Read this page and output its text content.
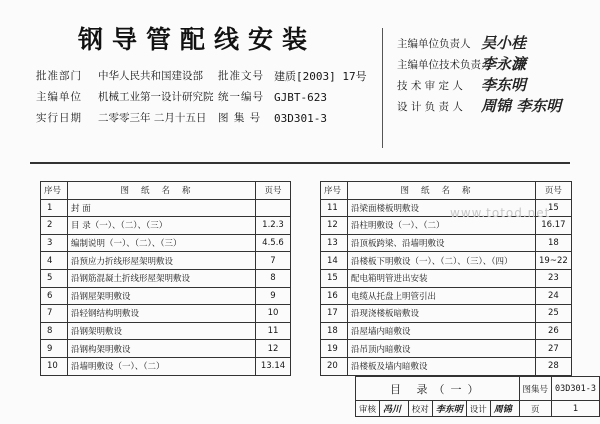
钢导管配线安装
批准部门 中华人民共和国建设部 批准文号 建质[2003] 17号
主编单位 机械工业第一设计研究院 统一编号 GJBT-623
实行日期 二零零三年 二月十五日 图 集 号 03D301-3
主编单位负责人 吴小桂
主编单位技术负责人
李永濂
技 术 审 定 人 李东明
设 计 负 责 人 周锦 李东明
序号	图纸名称	页号
1	封 面	
2	目 录（一）、（二）、（三）	1.2.3
3	编制说明（一）、（二）、（三）	4.5.6
4	沿预应力折线形屋架明敷设	7
5	沿钢筋混凝土折线形屋架明敷设	8
6	沿钢屋架明敷设	9
7	沿轻钢结构明敷设	10
8	沿钢架明敷设	11
9	沿钢构架明敷设	12
10	沿墙明敷设（一）、（二）	13.14
序号	图纸名称	页号
11	沿梁面楼板明敷设	15
12	沿柱明敷设（一）、（二）	16.17
13	沿顶板跨梁、沿墙明敷设	18
14	沿楼板下明敷设（一）、（二）、（三）、（四）	19~22
15	配电箱明管进出安装	23
16	电缆从托盘上明管引出	24
17	沿现浇楼板暗敷设	25
18	沿屋墙内暗敷设	26
19	沿吊顶内暗敷设	27
20	沿楼板及墙内暗敷设	28
目 录（一）						图集号	03D301-3
审核	冯川	校对	李东明	设计	周锦	页	1
www.totod.net
